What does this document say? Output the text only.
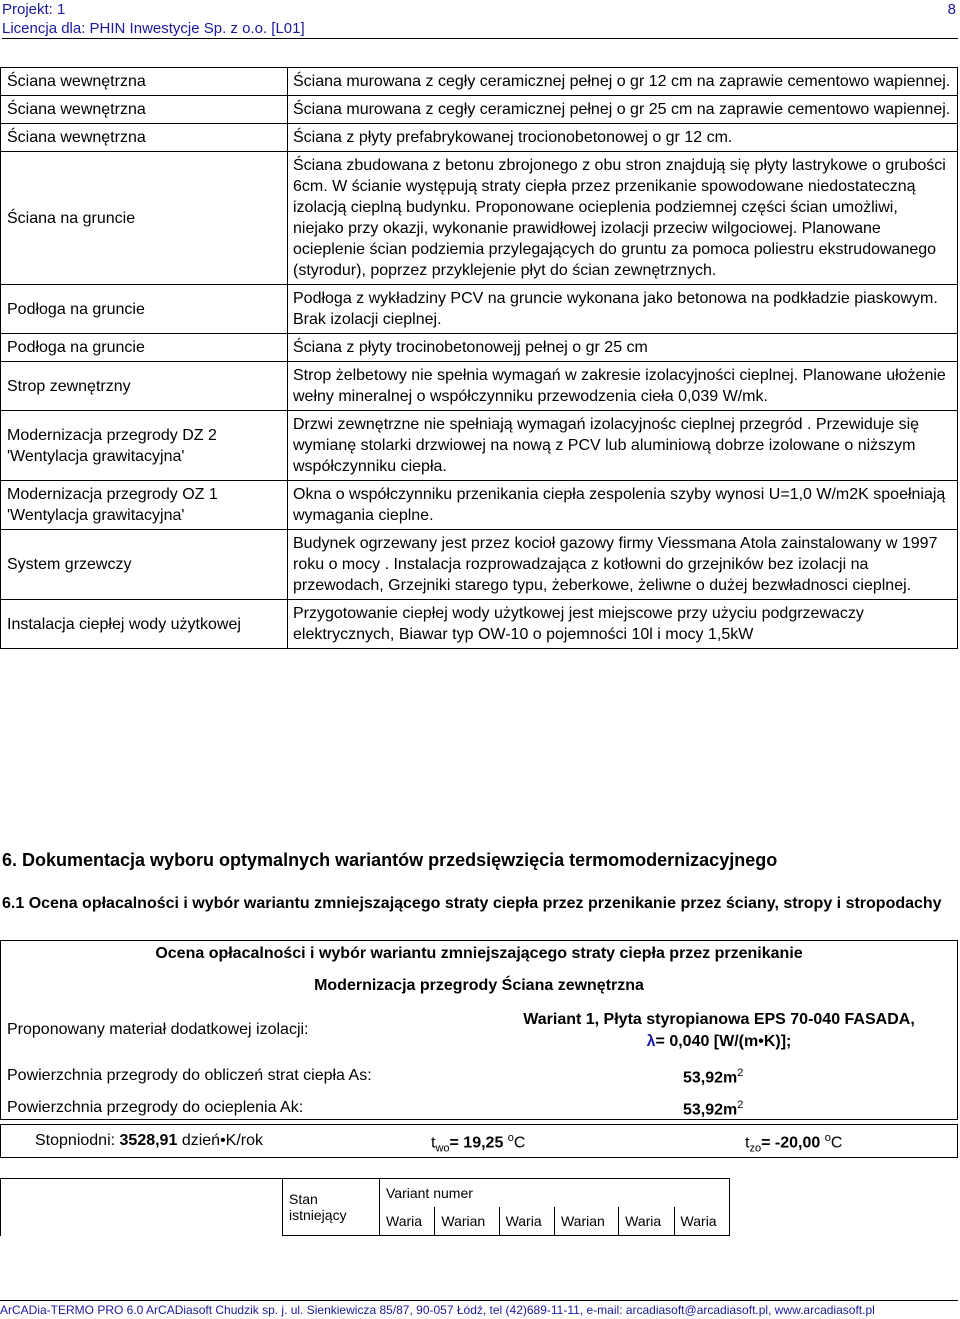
Projekt: 1
Licencja dla: PHIN Inwestycje Sp. z o.o. [L01]
8
Ściana wewnętrzna	Ściana murowana z cegły ceramicznej pełnej o gr 12 cm na zaprawie cementowo wapiennej.
Ściana wewnętrzna	Ściana murowana z cegły ceramicznej pełnej o gr 25 cm na zaprawie cementowo wapiennej.
Ściana wewnętrzna	Ściana z płyty prefabrykowanej trocionobetonowej o gr 12 cm.
Ściana na gruncie	Ściana zbudowana z betonu zbrojonego z obu stron znajdują się płyty lastrykowe o grubości 6cm. W ścianie występują straty ciepła przez przenikanie spowodowane niedostateczną izolacją cieplną budynku. Proponowane ocieplenia podziemnej części ścian umożliwi, niejako przy okazji, wykonanie prawidłowej izolacji przeciw wilgociowej. Planowane ocieplenie ścian podziemia przylegających do gruntu za pomoca poliestru ekstrudowanego (styrodur), poprzez przyklejenie płyt do ścian zewnętrznych.
Podłoga na gruncie	Podłoga z wykładziny PCV na gruncie wykonana jako betonowa na podkładzie piaskowym. Brak izolacji cieplnej.
Podłoga na gruncie	Ściana z płyty trocinobetonowejj pełnej o gr 25 cm
Strop zewnętrzny	Strop żelbetowy nie spełnia wymagań w zakresie izolacyjności cieplnej. Planowane ułożenie wełny mineralnej o współczynniku przewodzenia cieła 0,039 W/mk.
Modernizacja przegrody DZ 2 'Wentylacja grawitacyjna'	Drzwi zewnętrzne nie spełniają wymagań izolacyjnośc cieplnej przegród . Przewiduje się wymianę stolarki drzwiowej na nową z PCV lub aluminiową dobrze izolowane o niższym współczynniku ciepła.
Modernizacja przegrody OZ 1 'Wentylacja grawitacyjna'	Okna o współczynniku przenikania ciepła zespolenia szyby wynosi U=1,0 W/m2K spoełniają wymagania cieplne.
System grzewczy	Budynek ogrzewany jest przez kocioł gazowy firmy Viessmana Atola zainstalowany w 1997 roku o mocy . Instalacja rozprowadzająca z kotłowni do grzejników bez izolacji na przewodach, Grzejniki starego typu, żeberkowe, żeliwne o dużej bezwładnosci cieplnej.
Instalacja ciepłej wody użytkowej	Przygotowanie ciepłej wody użytkowej jest miejscowe przy użyciu podgrzewaczy elektrycznych, Biawar typ OW-10 o pojemności 10l i mocy 1,5kW
6. Dokumentacja wyboru optymalnych wariantów przedsięwzięcia termomodernizacyjnego
6.1 Ocena opłacalności i wybór wariantu zmniejszającego straty ciepła przez przenikanie przez ściany, stropy i stropodachy
Ocena opłacalności i wybór wariantu zmniejszającego straty ciepła przez przenikanie
Modernizacja przegrody Ściana zewnętrzna
Proponowany materiał dodatkowej izolacji:
Wariant 1, Płyta styropianowa EPS 70-040 FASADA,
λ= 0,040 [W/(m•K)];
Powierzchnia przegrody do obliczeń strat ciepła As:	$53,92m^2$
Powierzchnia przegrody do ocieplenia Ak:	$53,92m^2$
Stopniodni: 3528,91 dzień•K/rok	$t_{wo}= 19,25$ $^o$C	$t_{zo}= -20,00$ $^o$C
Stan istniejący	Variant numer					
	Waria	Warian	Waria	Warian	Waria	Waria
ArCADia-TERMO PRO 6.0 ArCADiasoft Chudzik sp. j. ul. Sienkiewicza 85/87, 90-057 Łódź, tel (42)689-11-11, e-mail: arcadiasoft@arcadiasoft.pl, www.arcadiasoft.pl
